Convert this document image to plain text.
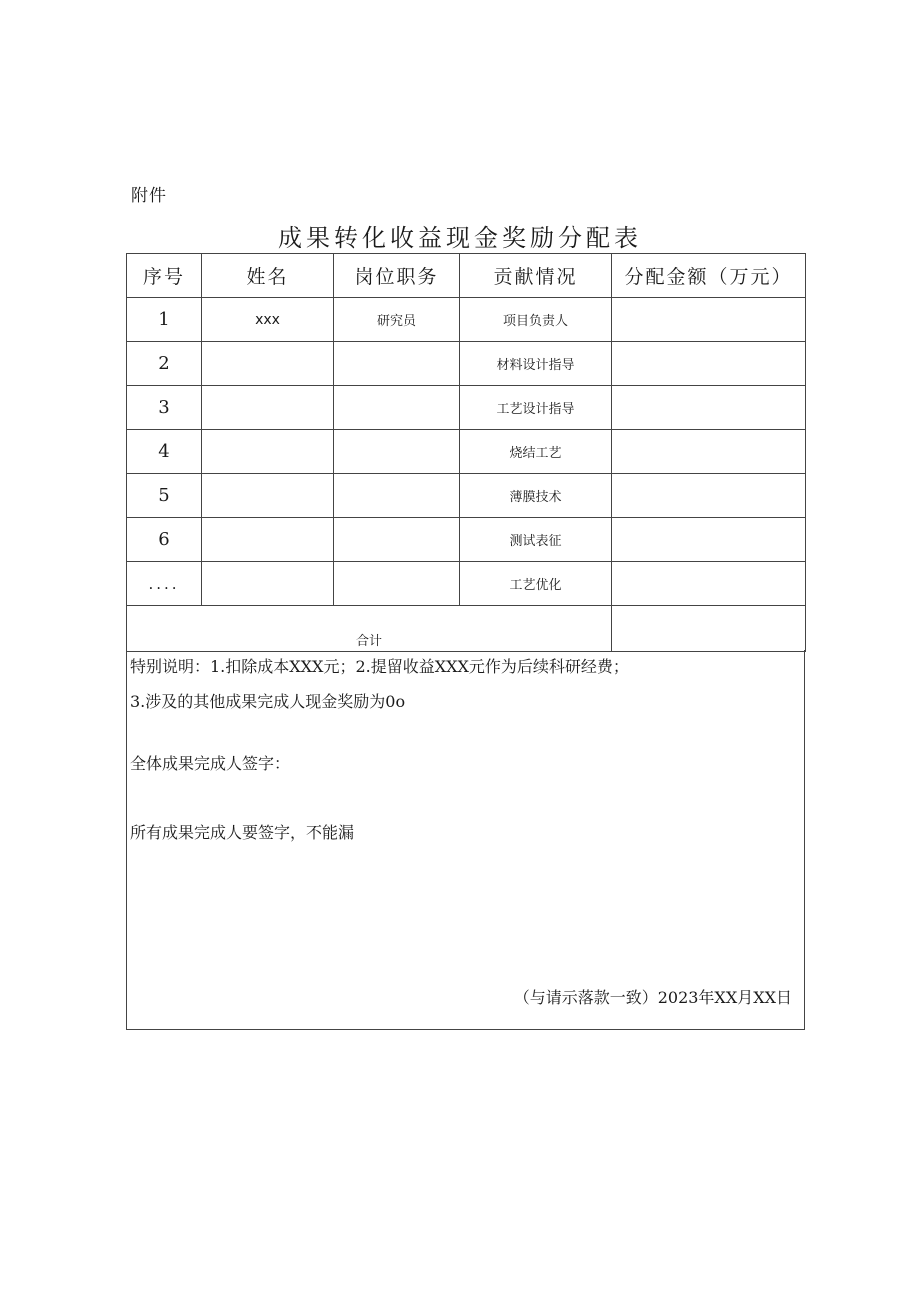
附件
成果转化收益现金奖励分配表
序号	姓名	岗位职务	贡献情况	分配金额（万元）
1	xxx	研究员	项目负责人	
2			材料设计指导	
3			工艺设计指导	
4			烧结工艺	
5			薄膜技术	
6			测试表征	
....			工艺优化	
合计				
特别说明：1.扣除成本XXX元；2.提留收益XXX元作为后续科研经费；
3.涉及的其他成果完成人现金奖励为0o
全体成果完成人签字：
所有成果完成人要签字，不能漏
（与请示落款一致）2023年XX月XX日
